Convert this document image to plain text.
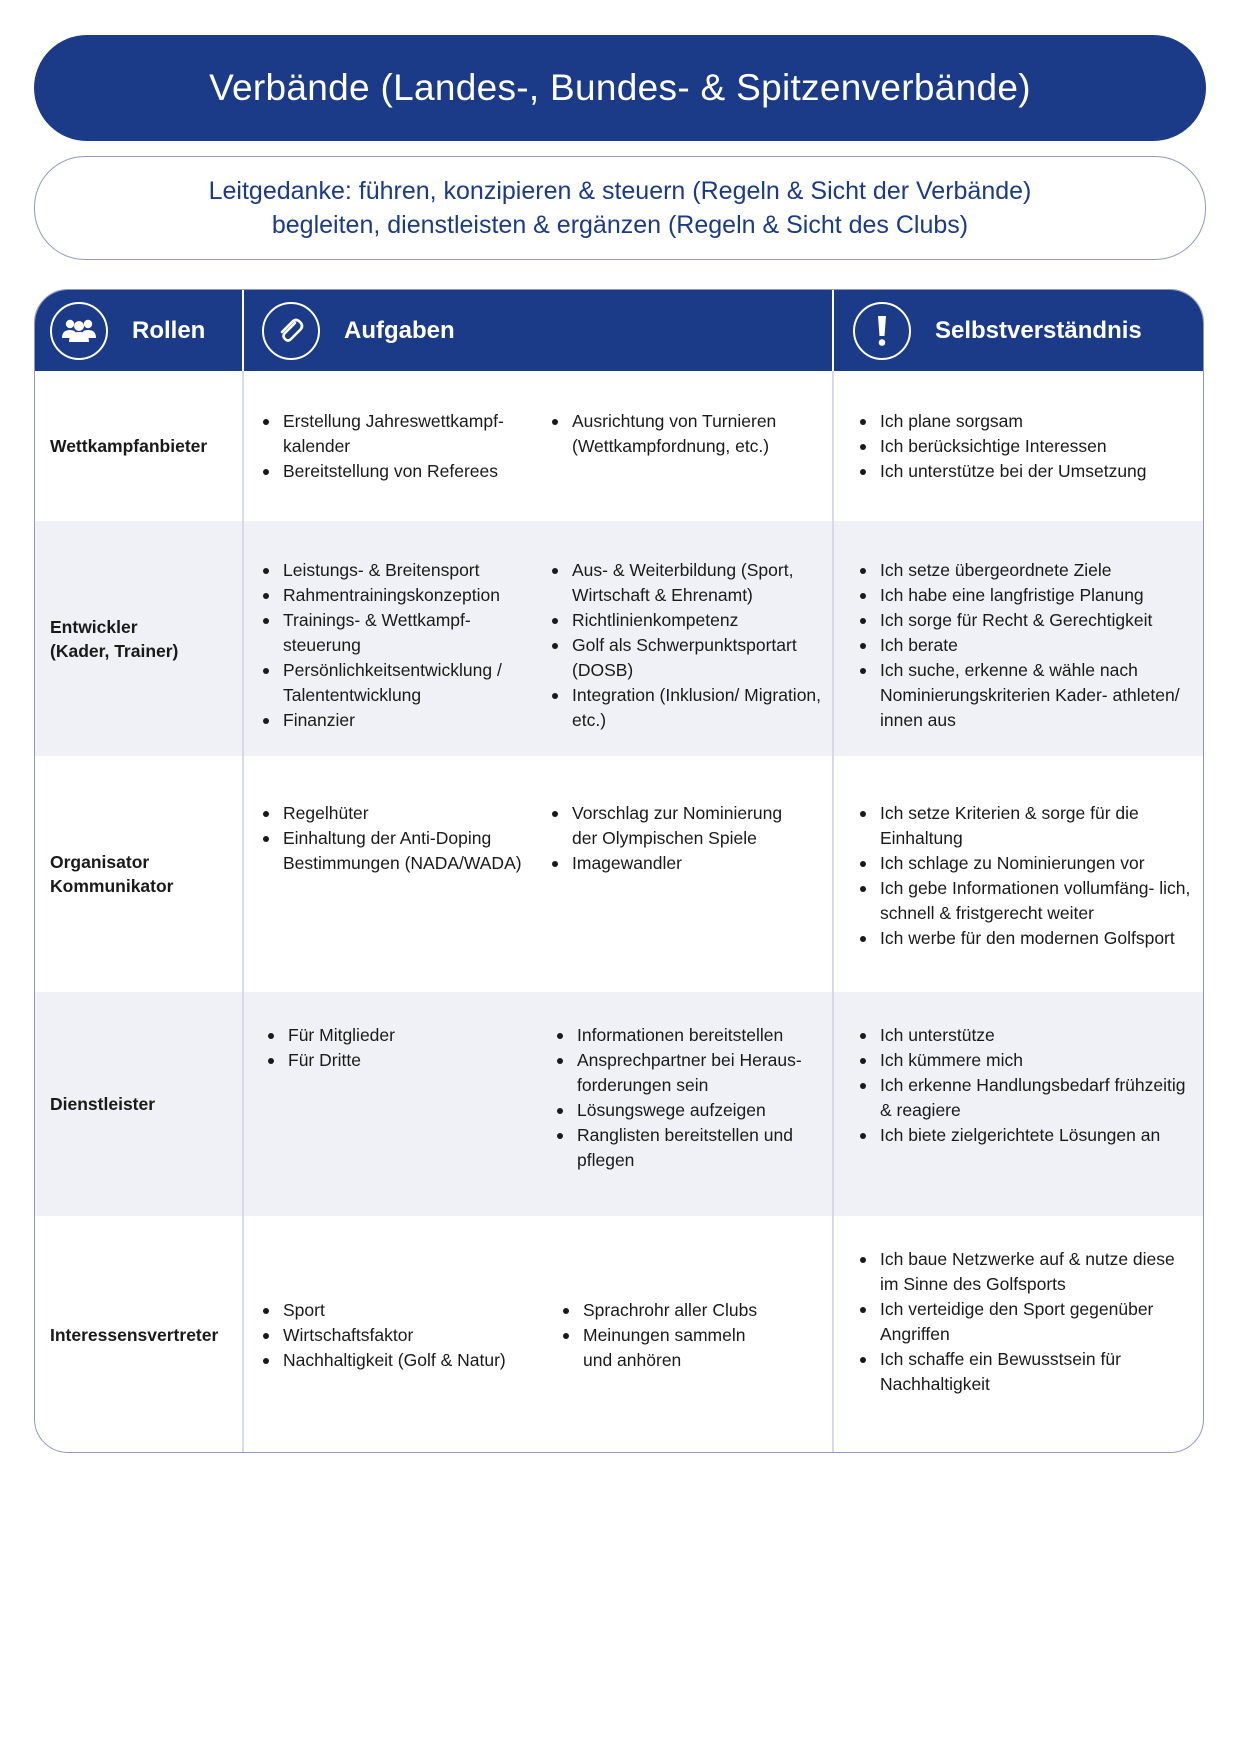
Verbände (Landes-, Bundes- & Spitzenverbände)
Leitgedanke: führen, konzipieren & steuern (Regeln & Sicht der Verbände)
begleiten, dienstleisten & ergänzen (Regeln & Sicht des Clubs)
Wettkampfanbieter
Erstellung Jahreswettkampf- kalender
Bereitstellung von Referees
Ausrichtung von Turnieren (Wettkampfordnung, etc.)
Ich plane sorgsam
Ich berücksichtige Interessen
Ich unterstütze bei der Umsetzung
Entwickler
(Kader, Trainer)
Leistungs- & Breitensport
Rahmentrainingskonzeption
Trainings- & Wettkampf- steuerung
Persönlichkeitsentwicklung / Talententwicklung
Finanzier
Aus- & Weiterbildung (Sport, Wirtschaft & Ehrenamt)
Richtlinienkompetenz
Golf als Schwerpunktsportart (DOSB)
Integration (Inklusion/ Migration, etc.)
Ich setze übergeordnete Ziele
Ich habe eine langfristige Planung
Ich sorge für Recht & Gerechtigkeit
Ich berate
Ich suche, erkenne & wähle nach Nominierungskriterien Kader- athleten/ innen aus
Organisator
Kommunikator
Regelhüter
Einhaltung der Anti-Doping Bestimmungen (NADA/WADA)
Vorschlag zur Nominierung der Olympischen Spiele
Imagewandler
Ich setze Kriterien & sorge für die Einhaltung
Ich schlage zu Nominierungen vor
Ich gebe Informationen vollumfäng- lich, schnell & fristgerecht weiter
Ich werbe für den modernen Golfsport
Dienstleister
Für Mitglieder
Für Dritte
Informationen bereitstellen
Ansprechpartner bei Heraus- forderungen sein
Lösungswege aufzeigen
Ranglisten bereitstellen und pflegen
Ich unterstütze
Ich kümmere mich
Ich erkenne Handlungsbedarf frühzeitig & reagiere
Ich biete zielgerichtete Lösungen an
Interessensvertreter
Sport
Wirtschaftsfaktor
Nachhaltigkeit (Golf & Natur)
Sprachrohr aller Clubs
Meinungen sammeln und anhören
Ich baue Netzwerke auf & nutze diese im Sinne des Golfsports
Ich verteidige den Sport gegenüber Angriffen
Ich schaffe ein Bewusstsein für Nachhaltigkeit
Rollen	Aufgaben	Selbstverständnis
